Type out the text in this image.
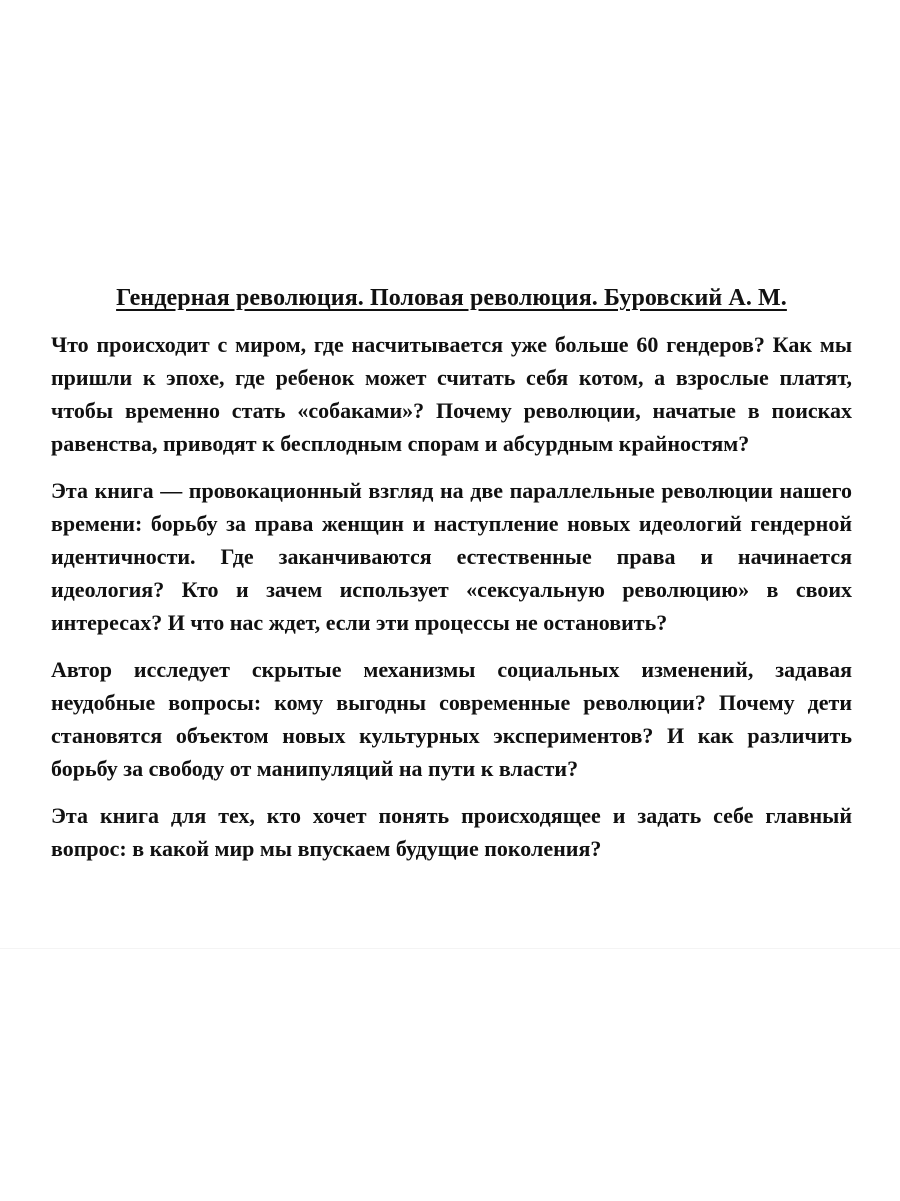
Гендерная революция. Половая революция. Буровский А. М.

Что происходит с миром, где насчитывается уже больше 60 гендеров? Как мы пришли к эпохе, где ребенок может считать себя котом, а взрослые платят, чтобы временно стать «собаками»? Почему революции, начатые в поисках равенства, приводят к бесплодным спорам и абсурдным крайностям?

Эта книга — провокационный взгляд на две параллельные революции нашего времени: борьбу за права женщин и наступление новых идеологий гендерной идентичности. Где заканчиваются естественные права и начинается идеология? Кто и зачем использует «сексуальную революцию» в своих интересах? И что нас ждет, если эти процессы не остановить?

Автор исследует скрытые механизмы социальных изменений, задавая неудобные вопросы: кому выгодны современные революции? Почему дети становятся объектом новых культурных экспериментов? И как различить борьбу за свободу от манипуляций на пути к власти?

Эта книга для тех, кто хочет понять происходящее и задать себе главный вопрос: в какой мир мы впускаем будущие поколения?
